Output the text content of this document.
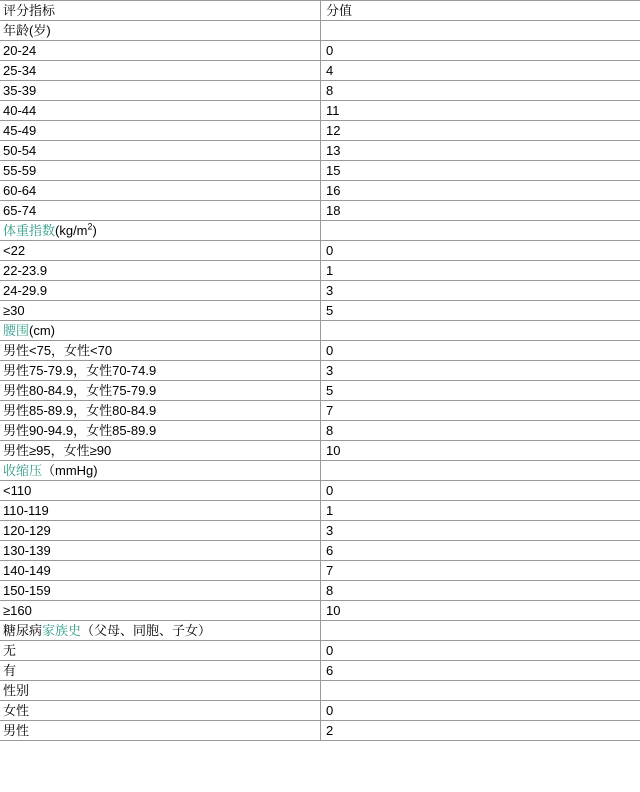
评分指标	分值
年龄(岁)	
20-24	0
25-34	4
35-39	8
40-44	11
45-49	12
50-54	13
55-59	15
60-64	16
65-74	18
体重指数$(kg/m^2)$	
<22	0
22-23.9	1
24-29.9	3
≥30	5
腰围(cm)	
男性<75，女性<70	0
男性75-79.9，女性70-74.9	3
男性80-84.9，女性75-79.9	5
男性85-89.9，女性80-84.9	7
男性90-94.9，女性85-89.9	8
男性≥95，女性≥90	10
收缩压（mmHg)	
<110	0
110-119	1
120-129	3
130-139	6
140-149	7
150-159	8
≥160	10
糖尿病家族史（父母、同胞、子女）	
无	0
有	6
性别	
女性	0
男性	2
